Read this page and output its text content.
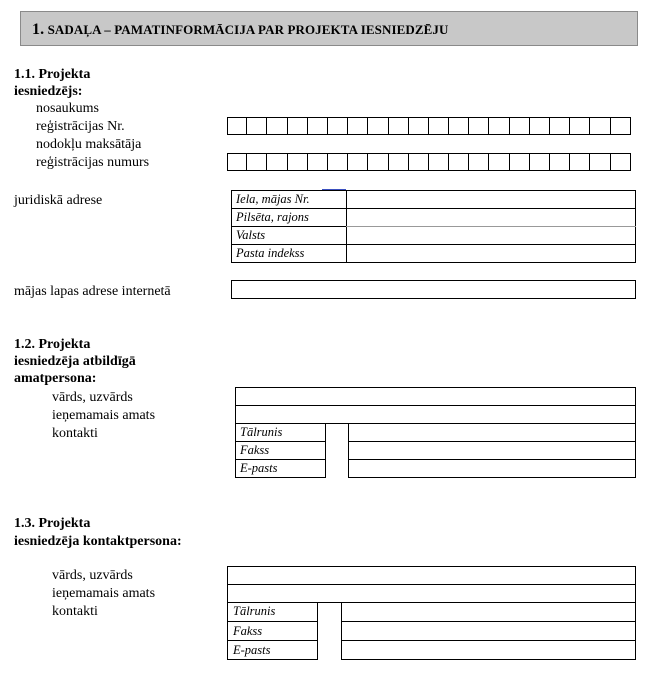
1. SADAĻA – PAMATINFORMĀCIJA PAR PROJEKTA IESNIEDZĒJU
1.1. Projekta
iesniedzējs:
nosaukums
reģistrācijas Nr.
nodokļu maksātāja
reģistrācijas numurs
juridiskā adrese	Iela, mājas Nr.
Pilsēta, rajons
Valsts
Pasta indekss
mājas lapas adrese internetā
1.2. Projekta
iesniedzēja atbildīgā
amatpersona:
vārds, uzvārds
ieņemamais amats
kontakti	Tālrunis
Fakss
E-pasts
1.3. Projekta
iesniedzēja kontaktpersona:
vārds, uzvārds
ieņemamais amats
kontakti	Tālrunis
Fakss
E-pasts
